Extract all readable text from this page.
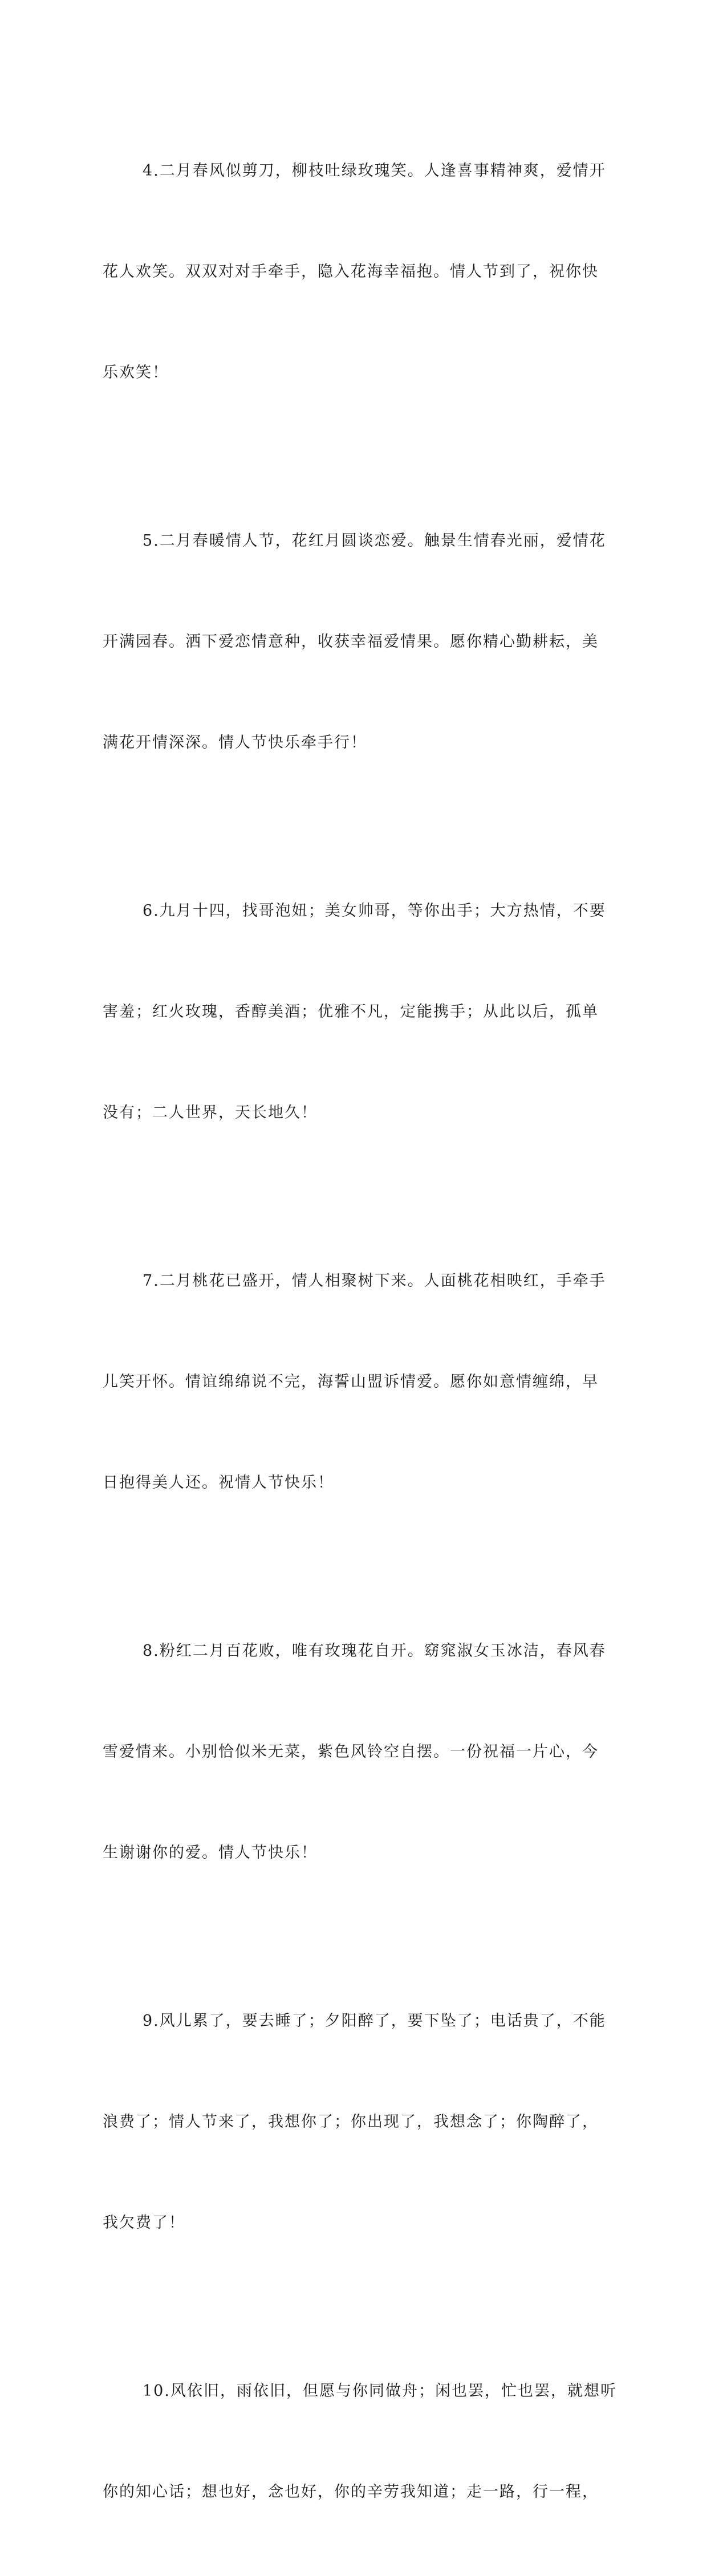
4.二月春风似剪刀，柳枝吐绿玫瑰笑。人逢喜事精神爽，爱情开

花人欢笑。双双对对手牵手，隐入花海幸福抱。情人节到了，祝你快

乐欢笑！

5.二月春暖情人节，花红月圆谈恋爱。触景生情春光丽，爱情花

开满园春。洒下爱恋情意种，收获幸福爱情果。愿你精心勤耕耘，美

满花开情深深。情人节快乐牵手行！

6.九月十四，找哥泡妞；美女帅哥，等你出手；大方热情，不要

害羞；红火玫瑰，香醇美酒；优雅不凡，定能携手；从此以后，孤单

没有；二人世界，天长地久！

7.二月桃花已盛开，情人相聚树下来。人面桃花相映红，手牵手

儿笑开怀。情谊绵绵说不完，海誓山盟诉情爱。愿你如意情缠绵，早

日抱得美人还。祝情人节快乐！

8.粉红二月百花败，唯有玫瑰花自开。窈窕淑女玉冰洁，春风春

雪爱情来。小别恰似米无菜，紫色风铃空自摆。一份祝福一片心，今

生谢谢你的爱。情人节快乐！

9.风儿累了，要去睡了；夕阳醉了，要下坠了；电话贵了，不能

浪费了；情人节来了，我想你了；你出现了，我想念了；你陶醉了，

我欠费了！

10.风依旧，雨依旧，但愿与你同做舟；闲也罢，忙也罢，就想听

你的知心话；想也好，念也好，你的辛劳我知道；走一路，行一程，
